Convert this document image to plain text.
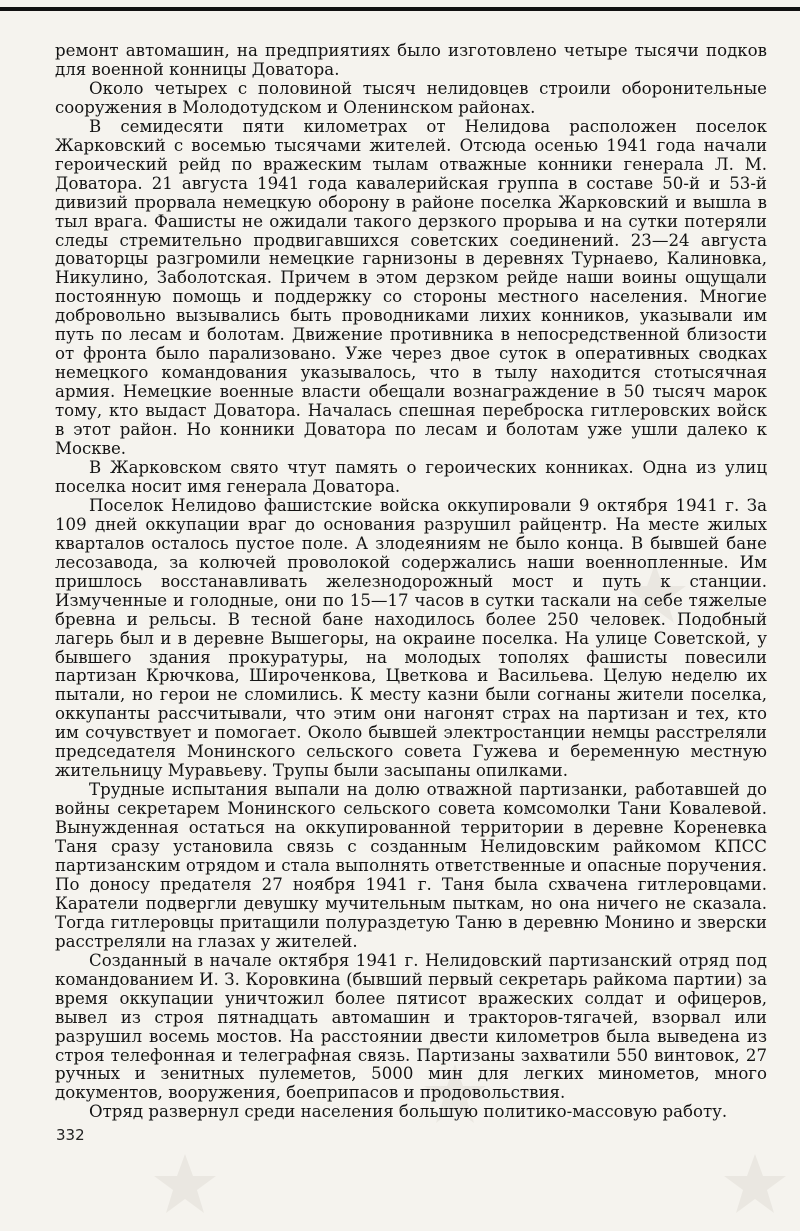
ремонт автомашин, на предприятиях было изготовлено четыре тысячи подков для военной конницы Доватора.

Около четырех с половиной тысяч нелидовцев строили оборонительные сооружения в Молодотудском и Оленинском районах.

В семидесяти пяти километрах от Нелидова расположен поселок Жарковский с восемью тысячами жителей. Отсюда осенью 1941 года начали героический рейд по вражеским тылам отважные конники генерала Л. М. Доватора. 21 августа 1941 года кавалерийская группа в составе 50-й и 53-й дивизий прорвала немецкую оборону в районе поселка Жарковский и вышла в тыл врага. Фашисты не ожидали такого дерзкого прорыва и на сутки потеряли следы стремительно продвигавшихся советских соединений. 23—24 августа доваторцы разгромили немецкие гарнизоны в деревнях Турнаево, Калиновка, Никулино, Заболотская. Причем в этом дерзком рейде наши воины ощущали постоянную помощь и поддержку со стороны местного населения. Многие добровольно вызывались быть проводниками лихих конников, указывали им путь по лесам и болотам. Движение противника в непосредственной близости от фронта было парализовано. Уже через двое суток в оперативных сводках немецкого командования указывалось, что в тылу находится стотысячная армия. Немецкие военные власти обещали вознаграждение в 50 тысяч марок тому, кто выдаст Доватора. Началась спешная переброска гитлеровских войск в этот район. Но конники Доватора по лесам и болотам уже ушли далеко к Москве.

В Жарковском свято чтут память о героических конниках. Одна из улиц поселка носит имя генерала Доватора.

Поселок Нелидово фашистские войска оккупировали 9 октября 1941 г. За 109 дней оккупации враг до основания разрушил райцентр. На месте жилых кварталов осталось пустое поле. А злодеяниям не было конца. В бывшей бане лесозавода, за колючей проволокой содержались наши военнопленные. Им пришлось восстанавливать железнодорожный мост и путь к станции. Измученные и голодные, они по 15—17 часов в сутки таскали на себе тяжелые бревна и рельсы. В тесной бане находилось более 250 человек. Подобный лагерь был и в деревне Вышегоры, на окраине поселка. На улице Советской, у бывшего здания прокуратуры, на молодых тополях фашисты повесили партизан Крючкова, Широченкова, Цветкова и Васильева. Целую неделю их пытали, но герои не сломились. К месту казни были согнаны жители поселка, оккупанты рассчитывали, что этим они нагонят страх на партизан и тех, кто им сочувствует и помогает. Около бывшей электростанции немцы расстреляли председателя Монинского сельского совета Гужева и беременную местную жительницу Муравьеву. Трупы были засыпаны опилками.

Трудные испытания выпали на долю отважной партизанки, работавшей до войны секретарем Монинского сельского совета комсомолки Тани Ковалевой. Вынужденная остаться на оккупированной территории в деревне Кореневка Таня сразу установила связь с созданным Нелидовским райкомом КПСС партизанским отрядом и стала выполнять ответственные и опасные поручения. По доносу предателя 27 ноября 1941 г. Таня была схвачена гитлеровцами. Каратели подвергли девушку мучительным пыткам, но она ничего не сказала. Тогда гитлеровцы притащили полураздетую Таню в деревню Монино и зверски расстреляли на глазах у жителей.

Созданный в начале октября 1941 г. Нелидовский партизанский отряд под командованием И. З. Коровкина (бывший первый секретарь райкома партии) за время оккупации уничтожил более пятисот вражеских солдат и офицеров, вывел из строя пятнадцать автомашин и тракторов-тягачей, взорвал или разрушил восемь мостов. На расстоянии двести километров была выведена из строя телефонная и телеграфная связь. Партизаны захватили 550 винтовок, 27 ручных и зенитных пулеметов, 5000 мин для легких минометов, много документов, вооружения, боеприпасов и продовольствия.

Отряд развернул среди населения большую политико-массовую работу.

332
